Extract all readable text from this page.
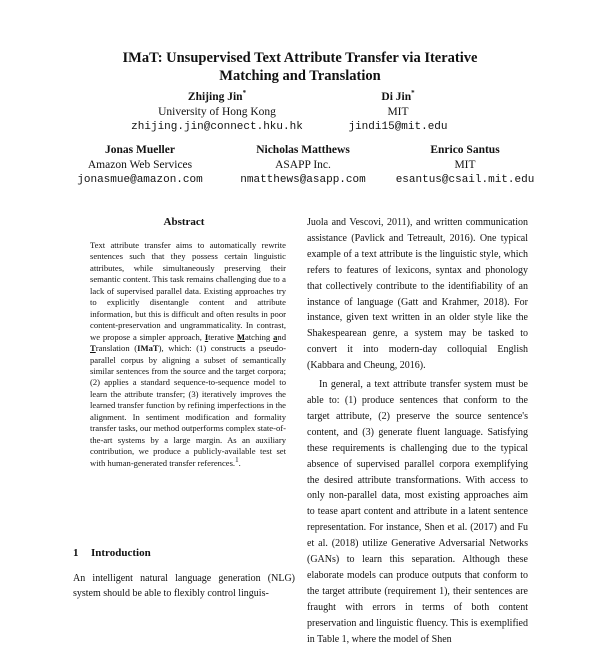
IMaT: Unsupervised Text Attribute Transfer via Iterative
Matching and Translation
Zhijing Jin*
University of Hong Kong
zhijing.jin@connect.hku.hk
Di Jin*
MIT
jindi15@mit.edu
Jonas Mueller
Amazon Web Services
jonasmue@amazon.com
Nicholas Matthews
ASAPP Inc.
nmatthews@asapp.com
Enrico Santus
MIT
esantus@csail.mit.edu
Abstract
Text attribute transfer aims to automatically rewrite sentences such that they possess certain linguistic attributes, while simultaneously preserving their semantic content. This task remains challenging due to a lack of supervised parallel data. Existing approaches try to explicitly disentangle content and attribute information, but this is difficult and often results in poor content-preservation and ungrammaticality. In contrast, we propose a simpler approach, Iterative Matching and Translation (IMaT), which: (1) constructs a pseudo-parallel corpus by aligning a subset of semantically similar sentences from the source and the target corpora; (2) applies a standard sequence-to-sequence model to learn the attribute transfer; (3) iteratively improves the learned transfer function by refining imperfections in the alignment. In sentiment modification and formality transfer tasks, our method outperforms complex state-of-the-art systems by a large margin. As an auxiliary contribution, we produce a publicly-available test set with human-generated transfer references.$^1$.
1 Introduction
An intelligent natural language generation (NLG) system should be able to flexibly control linguis-

Juola and Vescovi, 2011), and written communication assistance (Pavlick and Tetreault, 2016). One typical example of a text attribute is the linguistic style, which refers to features of lexicons, syntax and phonology that collectively contribute to the identifiability of an instance of language (Gatt and Krahmer, 2018). For instance, given text written in an older style like the Shakespearean genre, a system may be tasked to convert it into modern-day colloquial English (Kabbara and Cheung, 2016).

In general, a text attribute transfer system must be able to: (1) produce sentences that conform to the target attribute, (2) preserve the source sentence's content, and (3) generate fluent language. Satisfying these requirements is challenging due to the typical absence of supervised parallel corpora exemplifying the desired attribute transformations. With access to only non-parallel data, most existing approaches aim to tease apart content and attribute in a latent sentence representation. For instance, Shen et al. (2017) and Fu et al. (2018) utilize Generative Adversarial Networks (GANs) to learn this separation. Although these elaborate models can produce outputs that conform to the target attribute (requirement 1), their sentences are fraught with errors in terms of both content preservation and linguistic fluency. This is exemplified in Table 1, where the model of Shen
